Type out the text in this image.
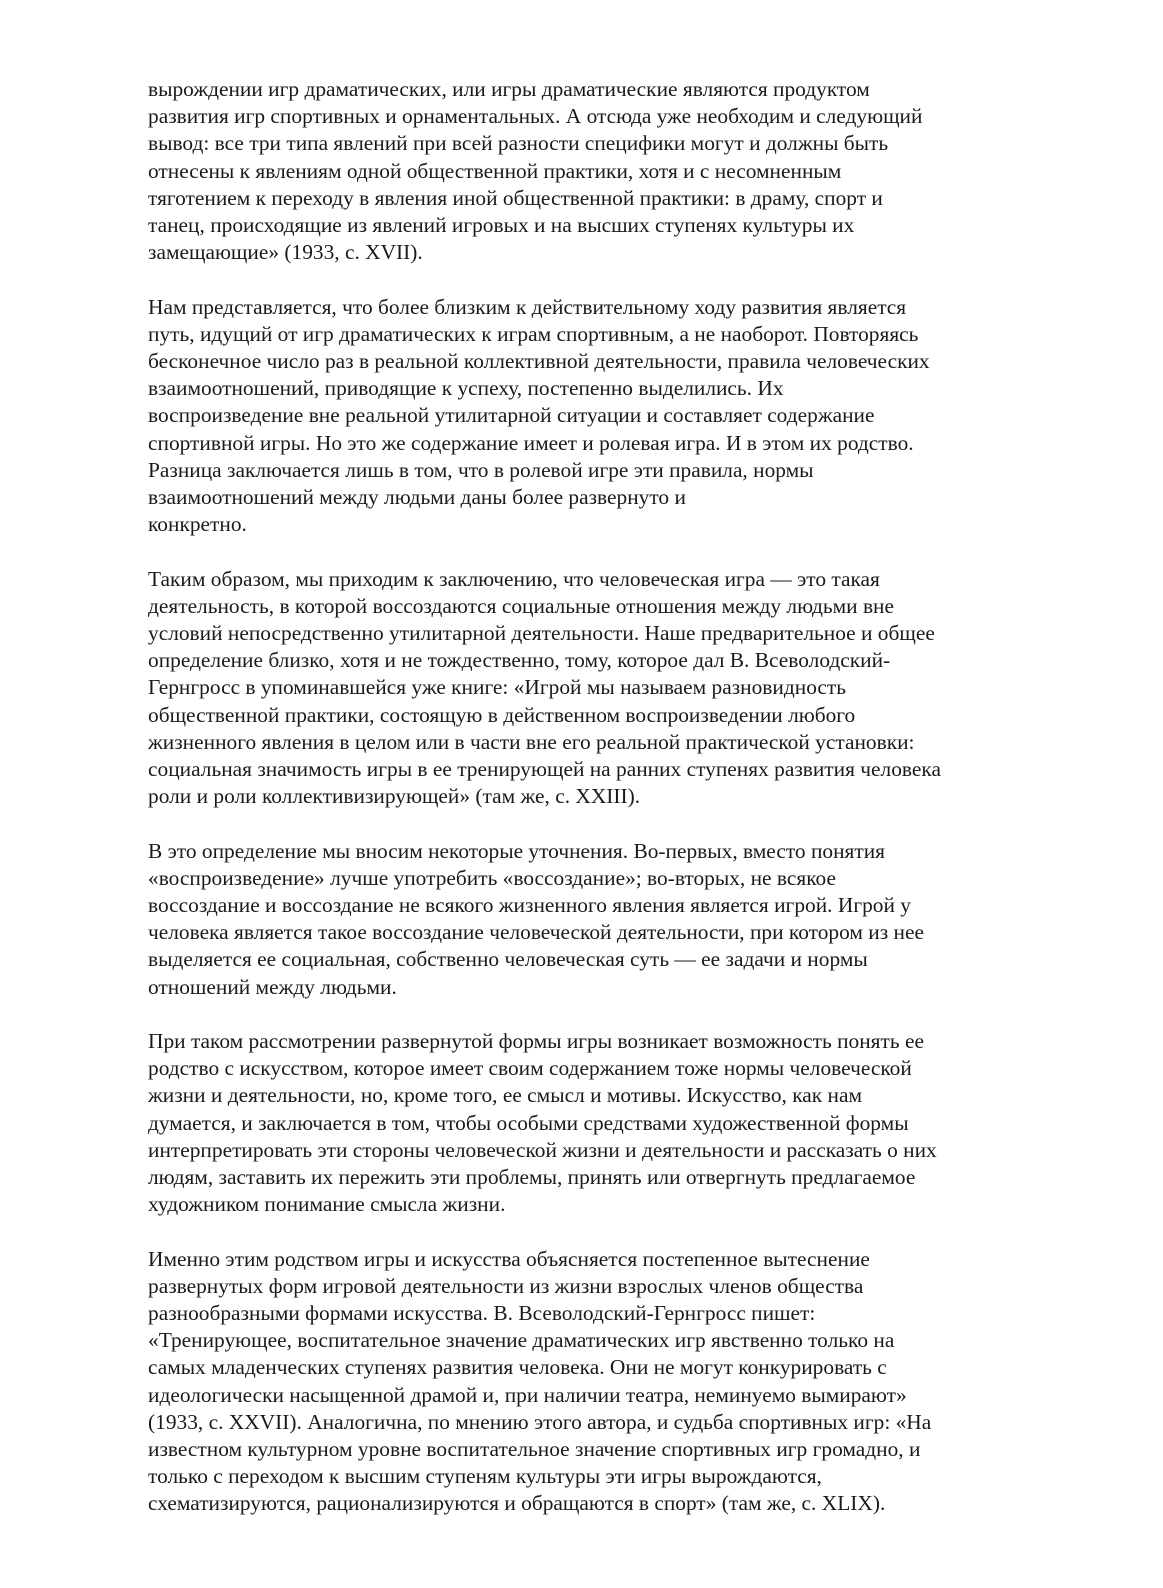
вырождении игр драматических, или игры драматические являются продуктом
развития игр спортивных и орнаментальных. А отсюда уже необходим и следующий
вывод: все три типа явлений при всей разности специфики могут и должны быть
отнесены к явлениям одной общественной практики, хотя и с несомненным
тяготением к переходу в явления иной общественной практики: в драму, спорт и
танец, происходящие из явлений игровых и на высших ступенях культуры их
замещающие» (1933, с. XVII).

Нам представляется, что более близким к действительному ходу развития является
путь, идущий от игр драматических к играм спортивным, а не наоборот. Повторяясь
бесконечное число раз в реальной коллективной деятельности, правила человеческих
взаимоотношений, приводящие к успеху, постепенно выделились. Их
воспроизведение вне реальной утилитарной ситуации и составляет содержание
спортивной игры. Но это же содержание имеет и ролевая игра. И в этом их родство.
Разница заключается лишь в том, что в ролевой игре эти правила, нормы
взаимоотношений между людьми даны более развернуто и
конкретно.

Таким образом, мы приходим к заключению, что человеческая игра — это такая
деятельность, в которой воссоздаются социальные отношения между людьми вне
условий непосредственно утилитарной деятельности. Наше предварительное и общее
определение близко, хотя и не тождественно, тому, которое дал В. Всеволодский-
Гернгросс в упоминавшейся уже книге: «Игрой мы называем разновидность
общественной практики, состоящую в действенном воспроизведении любого
жизненного явления в целом или в части вне его реальной практической установки:
социальная значимость игры в ее тренирующей на ранних ступенях развития человека
роли и роли коллективизирующей» (там же, с. XXIII).

В это определение мы вносим некоторые уточнения. Во-первых, вместо понятия
«воспроизведение» лучше употребить «воссоздание»; во-вторых, не всякое
воссоздание и воссоздание не всякого жизненного явления является игрой. Игрой у
человека является такое воссоздание человеческой деятельности, при котором из нее
выделяется ее социальная, собственно человеческая суть — ее задачи и нормы
отношений между людьми.

При таком рассмотрении развернутой формы игры возникает возможность понять ее
родство с искусством, которое имеет своим содержанием тоже нормы человеческой
жизни и деятельности, но, кроме того, ее смысл и мотивы. Искусство, как нам
думается, и заключается в том, чтобы особыми средствами художественной формы
интерпретировать эти стороны человеческой жизни и деятельности и рассказать о них
людям, заставить их пережить эти проблемы, принять или отвергнуть предлагаемое
художником понимание смысла жизни.

Именно этим родством игры и искусства объясняется постепенное вытеснение
развернутых форм игровой деятельности из жизни взрослых членов общества
разнообразными формами искусства. В. Всеволодский-Гернгросс пишет:
«Тренирующее, воспитательное значение драматических игр явственно только на
самых младенческих ступенях развития человека. Они не могут конкурировать с
идеологически насыщенной драмой и, при наличии театра, неминуемо вымирают»
(1933, с. XXVII). Аналогична, по мнению этого автора, и судьба спортивных игр: «На
известном культурном уровне воспитательное значение спортивных игр громадно, и
только с переходом к высшим ступеням культуры эти игры вырождаются,
схематизируются, рационализируются и обращаются в спорт» (там же, с. XLIX).
